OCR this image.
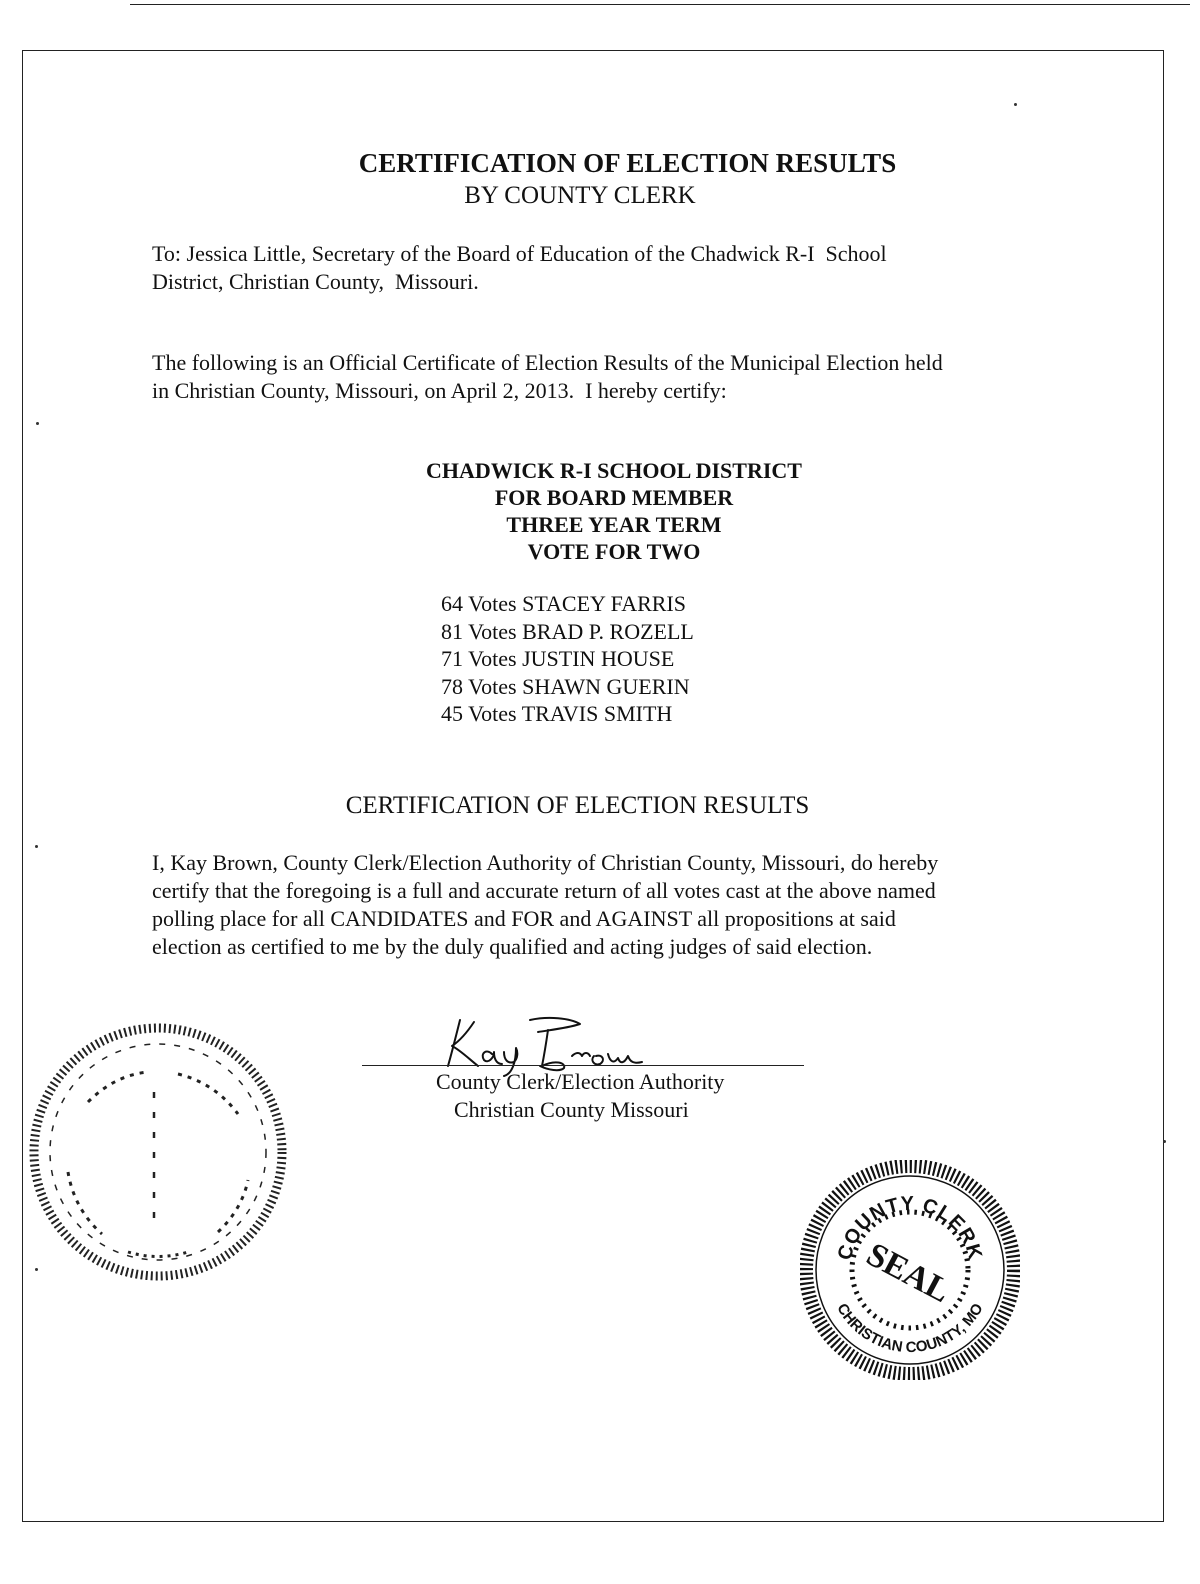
CERTIFICATION OF ELECTION RESULTS
BY COUNTY CLERK
To: Jessica Little, Secretary of the Board of Education of the Chadwick R-I  School
District, Christian County,  Missouri.
The following is an Official Certificate of Election Results of the Municipal Election held
in Christian County, Missouri, on April 2, 2013.  I hereby certify:
CHADWICK R-I SCHOOL DISTRICT
FOR BOARD MEMBER
THREE YEAR TERM
VOTE FOR TWO
64 Votes STACEY FARRIS
81 Votes BRAD P. ROZELL
71 Votes JUSTIN HOUSE
78 Votes SHAWN GUERIN
45 Votes TRAVIS SMITH
CERTIFICATION OF ELECTION RESULTS
I, Kay Brown, County Clerk/Election Authority of Christian County, Missouri, do hereby
certify that the foregoing is a full and accurate return of all votes cast at the above named
polling place for all CANDIDATES and FOR and AGAINST all propositions at said
election as certified to me by the duly qualified and acting judges of said election.
County Clerk/Election Authority
Christian County Missouri
COUNTY CLERK
CHRISTIAN COUNTY, MO
SEAL
